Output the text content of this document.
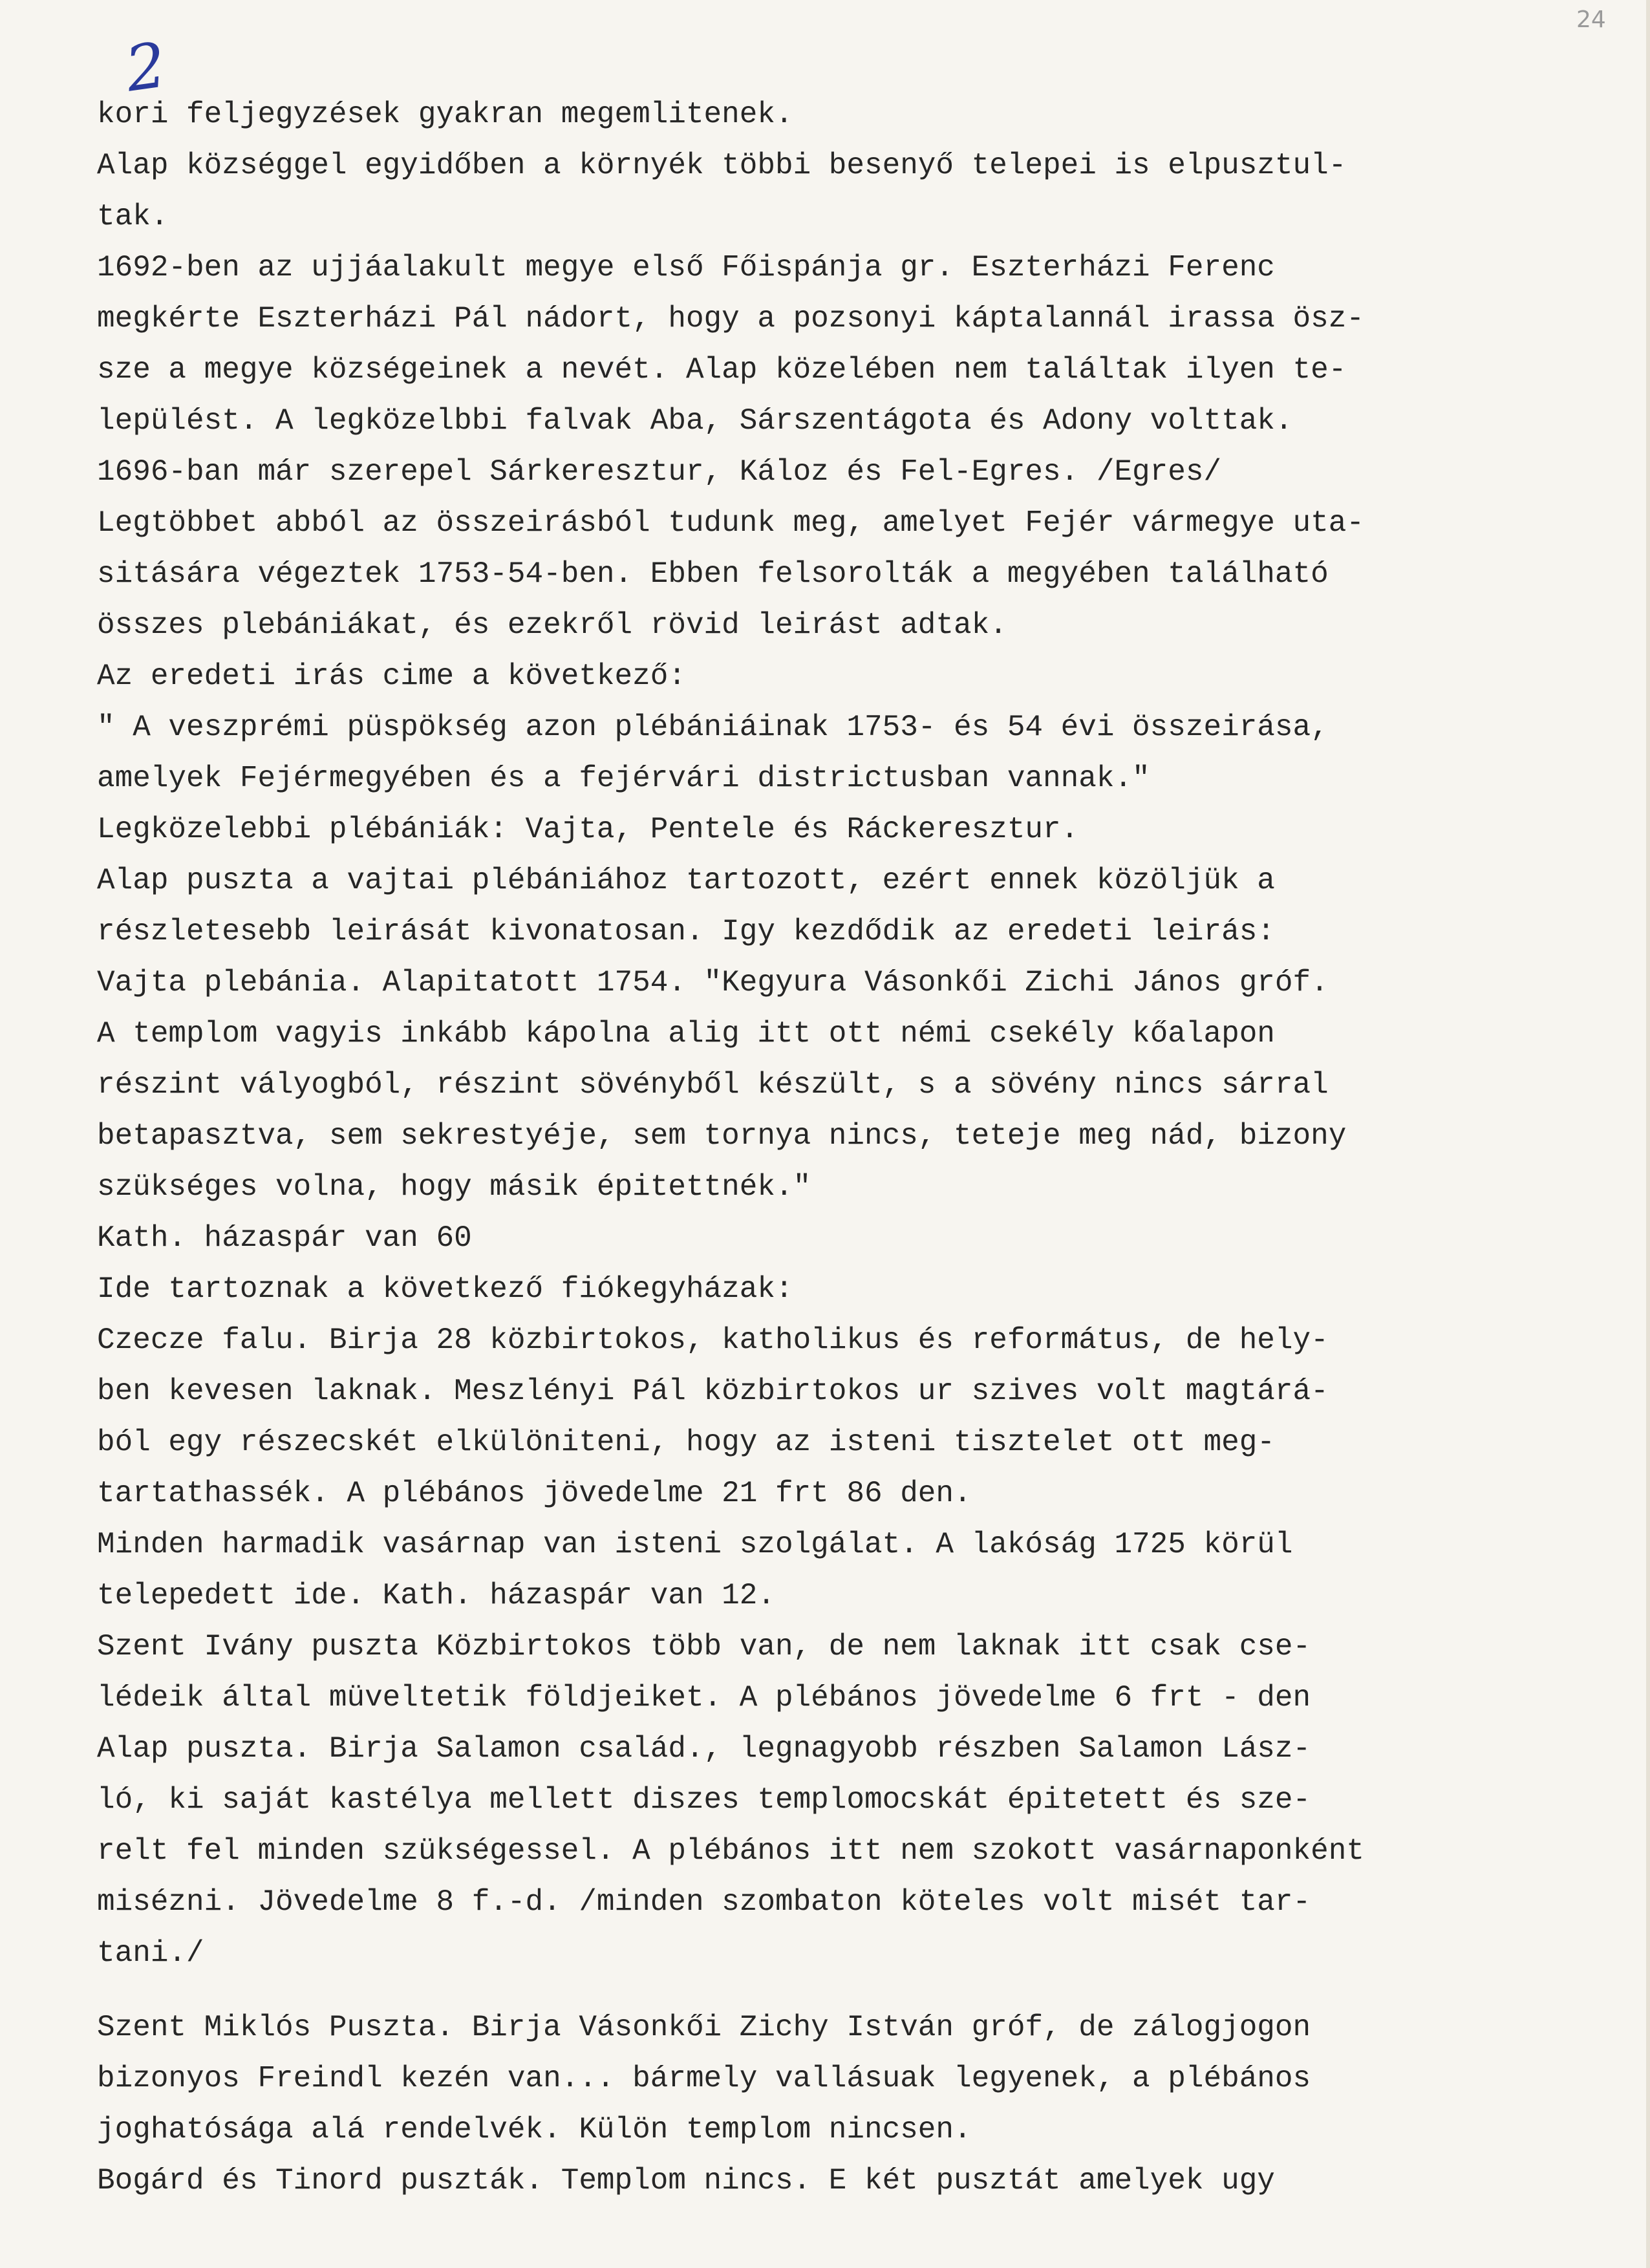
2
24
kori feljegyzések gyakran megemlitenek.
Alap községgel egyidőben a környék többi besenyő telepei is elpusztul-
tak.
1692-ben az ujjáalakult megye első Főispánja gr. Eszterházi Ferenc
megkérte Eszterházi Pál nádort, hogy a pozsonyi káptalannál irassa ösz-
sze a megye községeinek a nevét. Alap közelében nem találtak ilyen te-
lepülést. A legközelbbi falvak Aba, Sárszentágota és Adony volttak.
1696-ban már szerepel Sárkeresztur, Káloz és Fel-Egres. /Egres/
Legtöbbet abból az összeirásból tudunk meg, amelyet Fejér vármegye uta-
sitására végeztek 1753-54-ben. Ebben felsorolták a megyében található
összes plebániákat, és ezekről rövid leirást adtak.
Az eredeti irás cime a következő:
" A veszprémi püspökség azon plébániáinak 1753- és 54 évi összeirása,
amelyek Fejérmegyében és a fejérvári districtusban vannak."
Legközelebbi plébániák: Vajta, Pentele és Ráckeresztur.
Alap puszta a vajtai plébániához tartozott, ezért ennek közöljük a
részletesebb leirását kivonatosan. Igy kezdődik az eredeti leirás:
Vajta plebánia. Alapitatott 1754. "Kegyura Vásonkői Zichi János gróf.
A templom vagyis inkább kápolna alig itt ott némi csekély kőalapon
részint vályogból, részint sövényből készült, s a sövény nincs sárral
betapasztva, sem sekrestyéje, sem tornya nincs, teteje meg nád, bizony
szükséges volna, hogy másik épitettnék."
Kath. házaspár van 60
Ide tartoznak a következő fiókegyházak:
Czecze falu. Birja 28 közbirtokos, katholikus és református, de hely-
ben kevesen laknak. Meszlényi Pál közbirtokos ur szives volt magtárá-
ból egy részecskét elkülöniteni, hogy az isteni tisztelet ott meg-
tartathassék. A plébános jövedelme 21 frt 86 den.
Minden harmadik vasárnap van isteni szolgálat. A lakóság 1725 körül
telepedett ide. Kath. házaspár van 12.
Szent Ivány puszta Közbirtokos több van, de nem laknak itt csak cse-
lédeik által müveltetik földjeiket. A plébános jövedelme 6 frt - den
Alap puszta. Birja Salamon család., legnagyobb részben Salamon Lász-
ló, ki saját kastélya mellett diszes templomocskát épitetett és sze-
relt fel minden szükségessel. A plébános itt nem szokott vasárnaponként
misézni. Jövedelme 8 f.-d. /minden szombaton köteles volt misét tar-
tani./
Szent Miklós Puszta. Birja Vásonkői Zichy István gróf, de zálogjogon
bizonyos Freindl kezén van... bármely vallásuak legyenek, a plébános
joghatósága alá rendelvék. Külön templom nincsen.
Bogárd és Tinord puszták. Templom nincs. E két pusztát amelyek ugy
